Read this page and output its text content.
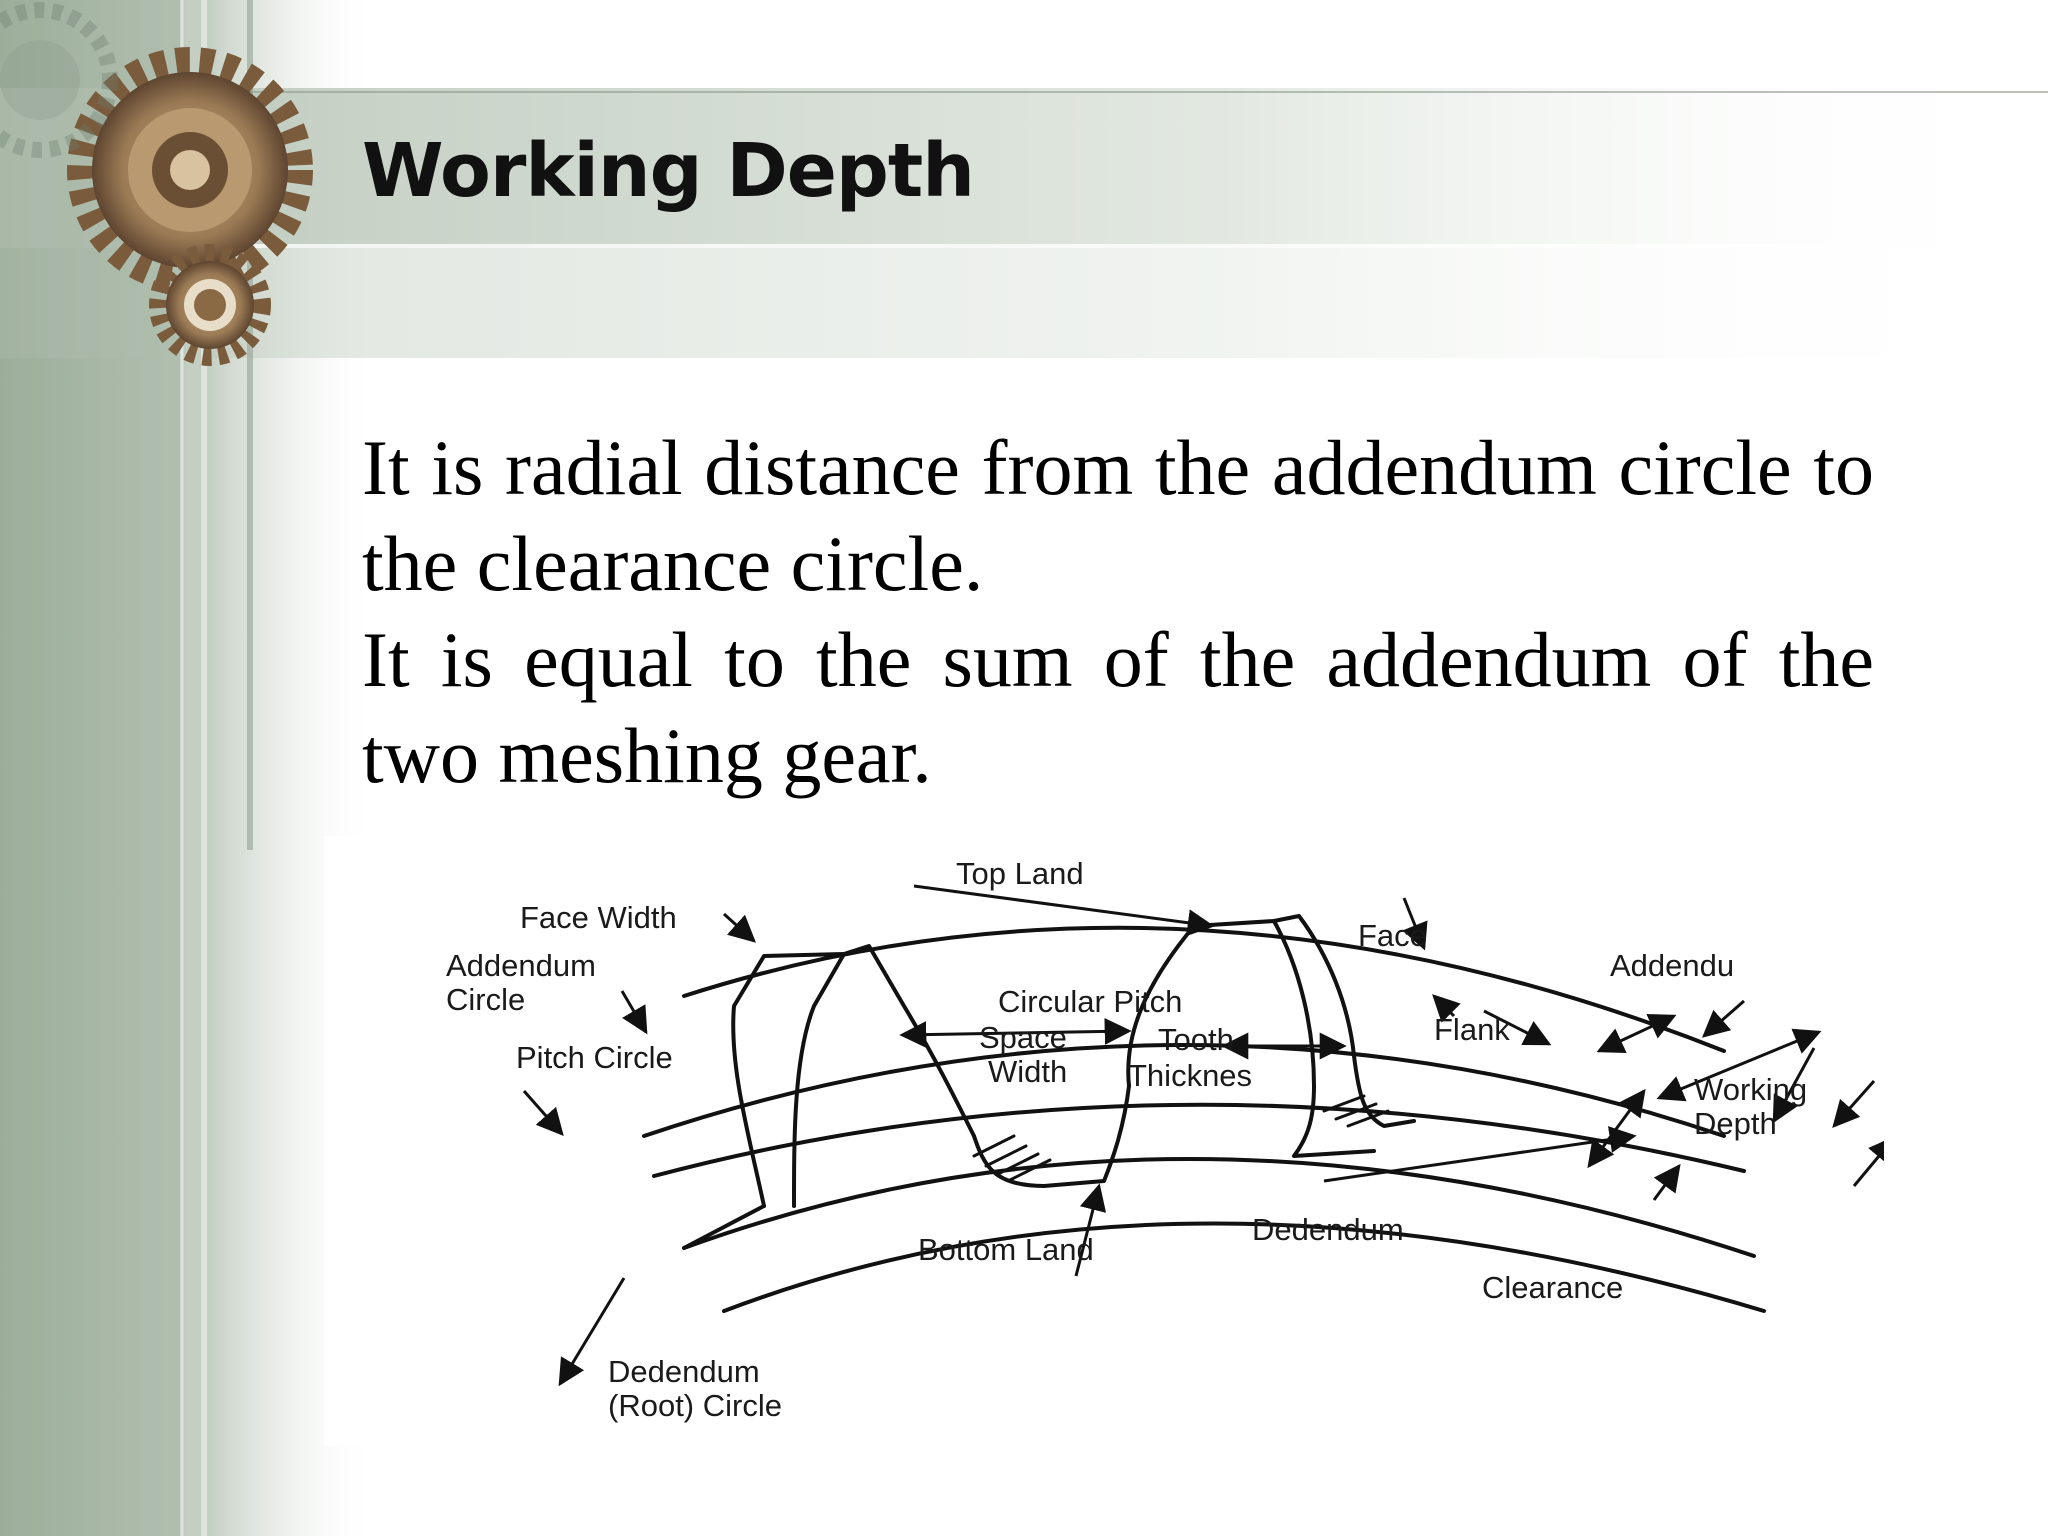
Working Depth

It is radial distance from the addendum circle to the clearance circle.

It is equal to the sum of the addendum of the two meshing gear.

Top Land
Face Width
Addendum
Circle
Pitch Circle
Circular Pitch
Space
Width
Tooth
Thicknes
Face
Flank
Addendu
Working
Depth
Dedendum
Clearance
Bottom Land
Dedendum
(Root) Circle
